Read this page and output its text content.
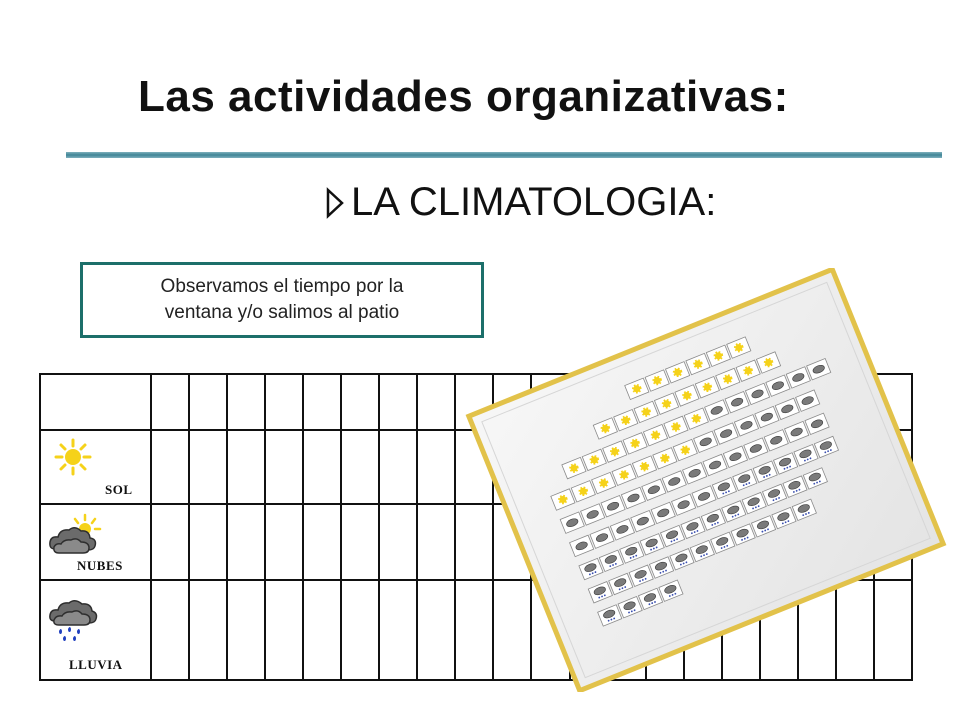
Las actividades organizativas:
LA CLIMATOLOGIA:
Observamos el tiempo por la
ventana y/o salimos al patio

SOL																				

NUBES																				

LLUVIA																				
